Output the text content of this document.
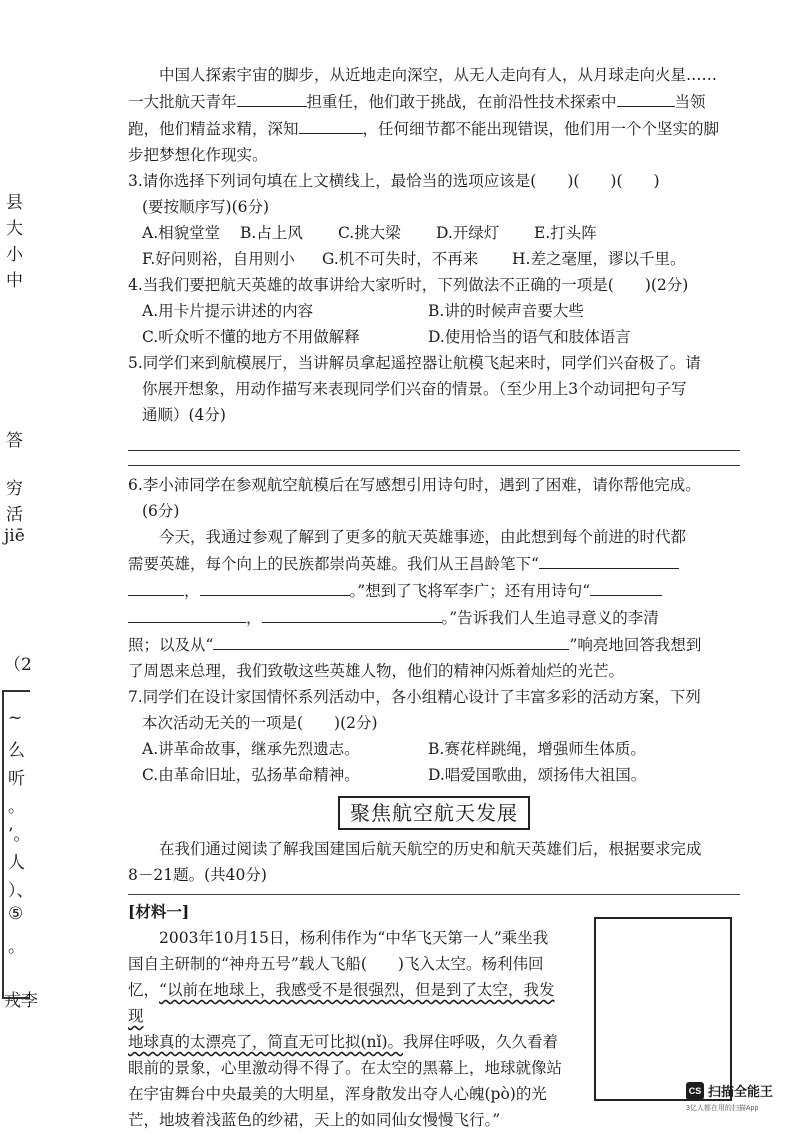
县
大
小
中
答
穷
活
jiē
（2
~
么
听
。
’。
人
）、
⑤
。
戎李

中国人探索宇宙的脚步，从近地走向深空，从无人走向有人，从月球走向火星……

一大批航天青年	担重任，他们敢于挑战，在前沿性技术探索中	当领

跑，他们精益求精，深知	，任何细节都不能出现错误，他们用一个个坚实的脚

步把梦想化作现实。

3.请你选择下列词句填在上文横线上，最恰当的选项应该是(　　)(　　)(　　)

(要按顺序写)(6分)

A.相貌堂堂	B.占上风	C.挑大梁	D.开绿灯	E.打头阵
F.好问则裕，自用则小	G.机不可失时，不再来	H.差之毫厘，谬以千里。

4.当我们要把航天英雄的故事讲给大家听时，下列做法不正确的一项是(　　)(2分)

A.用卡片提示讲述的内容	B.讲的时候声音要大些
C.听众听不懂的地方不用做解释	D.使用恰当的语气和肢体语言

5.同学们来到航模展厅，当讲解员拿起遥控器让航模飞起来时，同学们兴奋极了。请

你展开想象，用动作描写来表现同学们兴奋的情景。（至少用上3个动词把句子写

通顺）(4分)

6.李小沛同学在参观航空航模后在写感想引用诗句时，遇到了困难，请你帮他完成。

(6分)

今天，我通过参观了解到了更多的航天英雄事迹，由此想到每个前进的时代都

需要英雄，每个向上的民族都崇尚英雄。我们从王昌龄笔下“

，	。”想到了飞将军李广；还有用诗句“

，	。”告诉我们人生追寻意义的李清

照；以及从“	”响亮地回答我想到

了周恩来总理，我们致敬这些英雄人物，他们的精神闪烁着灿烂的光芒。

7.同学们在设计家国情怀系列活动中，各小组精心设计了丰富多彩的活动方案，下列

本次活动无关的一项是(　　)(2分)

A.讲革命故事，继承先烈遗志。	B.赛花样跳绳，增强师生体质。
C.由革命旧址，弘扬革命精神。	D.唱爱国歌曲，颂扬伟大祖国。
聚焦航空航天发展

在我们通过阅读了解我国建国后航天航空的历史和航天英雄们后，根据要求完成

8－21题。(共40分)

[材料一]

2003年10月15日，杨利伟作为“中华飞天第一人”乘坐我

国自主研制的“神舟五号”载人飞船(　　)飞入太空。杨利伟回

忆，“以前在地球上，我感受不是很强烈，但是到了太空，我发现

地球真的太漂亮了，简直无可比拟(nǐ)。我屏住呼吸，久久看着

眼前的景象，心里激动得不得了。在太空的黑幕上，地球就像站

在宇宙舞台中央最美的大明星，浑身散发出夺人心魄(pò)的光

芒，地坡着浅蓝色的纱裙，天上的如同仙女慢慢飞行。”

CS 扫描全能王
3亿人都在用的扫描App
